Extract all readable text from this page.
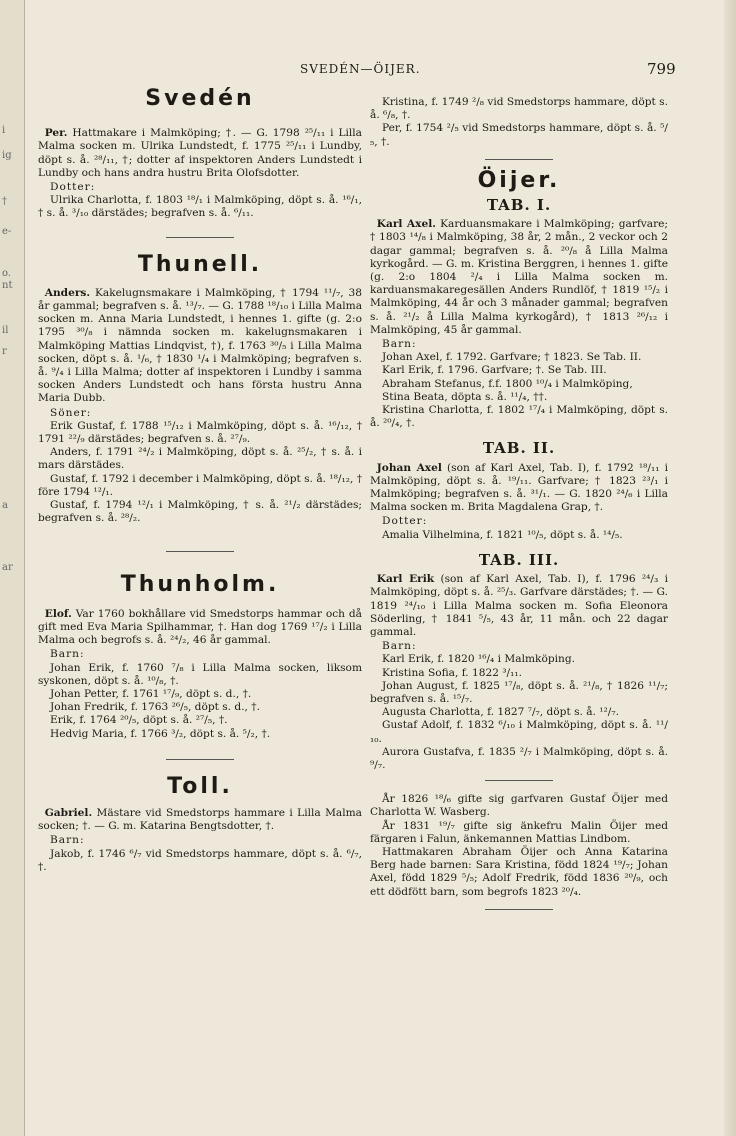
i
ig
†
e-
o.
nt
il
r
a
ar
SVEDÉN—ÖIJER.	799
Svedén

 Per. Hattmakare i Malmköping; †. — G. 1798 ²⁵/₁₁ i Lilla Malma socken m. Ulrika Lundstedt, f. 1775 ²⁵/₁₁ i Lundby, döpt s. å. ²⁸/₁₁, †; dotter af inspektoren Anders Lundstedt i Lundby och hans andra hustru Brita Olofsdotter.

Dotter:

Ulrika Charlotta, f. 1803 ¹⁸/₁ i Malmköping, döpt s. å. ¹⁶/₁, † s. å. ³/₁₀ därstädes; begrafven s. å. ⁶/₁₁.

Thunell.

 Anders. Kakelugnsmakare i Malmköping, † 1794 ¹¹/₇, 38 år gammal; begrafven s. å. ¹³/₇. — G. 1788 ¹⁸/₁₀ i Lilla Malma socken m. Anna Maria Lundstedt, i hennes 1. gifte (g. 2:o 1795 ³⁰/₈ i nämnda socken m. kakelugnsmakaren i Malmköping Mattias Lindqvist, †), f. 1763 ³⁰/₅ i Lilla Malma socken, döpt s. å. ¹/₆, † 1830 ¹/₄ i Malmköping; begrafven s. å. ⁹/₄ i Lilla Malma; dotter af inspektoren i Lundby i samma socken Anders Lundstedt och hans första hustru Anna Maria Dubb.

Söner:

Erik Gustaf, f. 1788 ¹⁵/₁₂ i Malmköping, döpt s. å. ¹⁶/₁₂, † 1791 ²²/₉ därstädes; begrafven s. å. ²⁷/₉.

Anders, f. 1791 ²⁴/₂ i Malmköping, döpt s. å. ²⁵/₂, † s. å. i mars därstädes.

Gustaf, f. 1792 i december i Malmköping, döpt s. å. ¹⁸/₁₂, † före 1794 ¹²/₁.

Gustaf, f. 1794 ¹²/₁ i Malmköping, † s. å. ²¹/₂ därstädes; begrafven s. å. ²⁸/₂.

Thunholm.

 Elof. Var 1760 bokhållare vid Smedstorps hammar och då gift med Eva Maria Spilhammar, †. Han dog 1769 ¹⁷/₂ i Lilla Malma och begrofs s. å. ²⁴/₂, 46 år gammal.

Barn:

Johan Erik, f. 1760 ⁷/₈ i Lilla Malma socken, liksom syskonen, döpt s. å. ¹⁰/₈, †.

Johan Petter, f. 1761 ¹⁷/₉, döpt s. d., †.

Johan Fredrik, f. 1763 ²⁶/₅, döpt s. d., †.

Erik, f. 1764 ²⁰/₅, döpt s. å. ²⁷/₅, †.

Hedvig Maria, f. 1766 ³/₂, döpt s. å. ⁵/₂, †.

Toll.

 Gabriel. Mästare vid Smedstorps hammare i Lilla Malma socken; †. — G. m. Katarina Bengtsdotter, †.

Barn:

Jakob, f. 1746 ⁶/₇ vid Smedstorps hammare, döpt s. å. ⁶/₇, †.

Kristina, f. 1749 ²/₈ vid Smedstorps hammare, döpt s. å. ⁶/₈, †.

Per, f. 1754 ²/₅ vid Smedstorps hammare, döpt s. å. ⁵/₅, †.

Öijer.
TAB. I.

 Karl Axel. Karduansmakare i Malmköping; garfvare; † 1803 ¹⁴/₈ i Malmköping, 38 år, 2 mån., 2 veckor och 2 dagar gammal; begrafven s. å. ²⁰/₈ å Lilla Malma kyrkogård. — G. m. Kristina Berggren, i hennes 1. gifte (g. 2:o 1804 ²/₄ i Lilla Malma socken m. karduansmakaregesällen Anders Rundlöf, † 1819 ¹⁵/₂ i Malmköping, 44 år och 3 månader gammal; begrafven s. å. ²¹/₂ å Lilla Malma kyrkogård), † 1813 ²⁶/₁₂ i Malmköping, 45 år gammal.

Barn:

Johan Axel, f. 1792. Garfvare; † 1823. Se Tab. II.

Karl Erik, f. 1796. Garfvare; †. Se Tab. III.

Abraham Stefanus, f.f. 1800 ¹⁰/₄ i Malmköping,

Stina Beata, döpta s. å. ¹¹/₄, ††.

Kristina Charlotta, f. 1802 ¹⁷/₄ i Malmköping, döpt s. å. ²⁰/₄, †.

TAB. II.

 Johan Axel (son af Karl Axel, Tab. I), f. 1792 ¹⁸/₁₁ i Malmköping, döpt s. å. ¹⁹/₁₁. Garfvare; † 1823 ²³/₁ i Malmköping; begrafven s. å. ³¹/₁. — G. 1820 ²⁴/₆ i Lilla Malma socken m. Brita Magdalena Grap, †.

Dotter:

Amalia Vilhelmina, f. 1821 ¹⁰/₅, döpt s. å. ¹⁴/₅.

TAB. III.

 Karl Erik (son af Karl Axel, Tab. I), f. 1796 ²⁴/₃ i Malmköping, döpt s. å. ²⁵/₃. Garfvare därstädes; †. — G. 1819 ²⁴/₁₀ i Lilla Malma socken m. Sofia Eleonora Söderling, † 1841 ⁵/₅, 43 år, 11 mån. och 22 dagar gammal.

Barn:

Karl Erik, f. 1820 ¹⁶/₄ i Malmköping.

Kristina Sofia, f. 1822 ³/₁₁.

Johan August, f. 1825 ¹⁷/₈, döpt s. å. ²¹/₈, † 1826 ¹¹/₇; begrafven s. å. ¹⁵/₇.

Augusta Charlotta, f. 1827 ⁷/₇, döpt s. å. ¹²/₇.

Gustaf Adolf, f. 1832 ⁶/₁₀ i Malmköping, döpt s. å. ¹¹/₁₀.

Aurora Gustafva, f. 1835 ²/₇ i Malmköping, döpt s. å. ⁹/₇.

År 1826 ¹⁸/₆ gifte sig garfvaren Gustaf Öijer med Charlotta W. Wasberg.

År 1831 ¹⁹/₇ gifte sig änkefru Malin Öijer med färgaren i Falun, änkemannen Mattias Lindbom.

Hattmakaren Abraham Öijer och Anna Katarina Berg hade barnen: Sara Kristina, född 1824 ¹⁹/₇; Johan Axel, född 1829 ⁵/₅; Adolf Fredrik, född 1836 ²⁰/₉, och ett dödfött barn, som begrofs 1823 ²⁰/₄.
